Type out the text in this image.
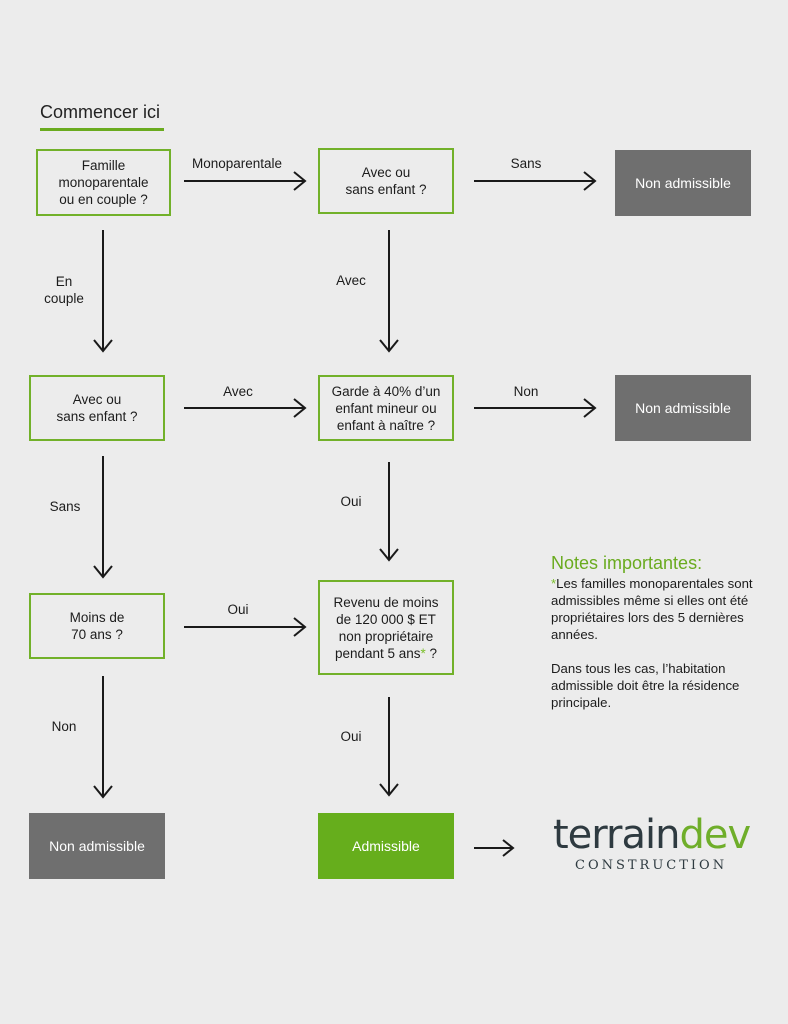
Commencer ici
Famille
monoparentale
ou en couple ?
Monoparentale
Avec ou
sans enfant ?
Sans
Non admissible
En
couple
Avec
Avec ou
sans enfant ?
Avec	Garde à 40% d’un
enfant mineur ou
enfant à naître ?
Non
Non admissible
Sans	Oui
Moins de
70 ans ?
Oui	Revenu de moins
de 120 000 $ ET
non propriétaire
pendant 5 ans* ?
Non
Oui
Non admissible	Admissible
Notes importantes:

*Les familles monoparentales sont admissibles même si elles ont été propriétaires lors des 5 dernières années.

Dans tous les cas, l’habitation admissible doit être la résidence principale.

terraindev
CONSTRUCTION
